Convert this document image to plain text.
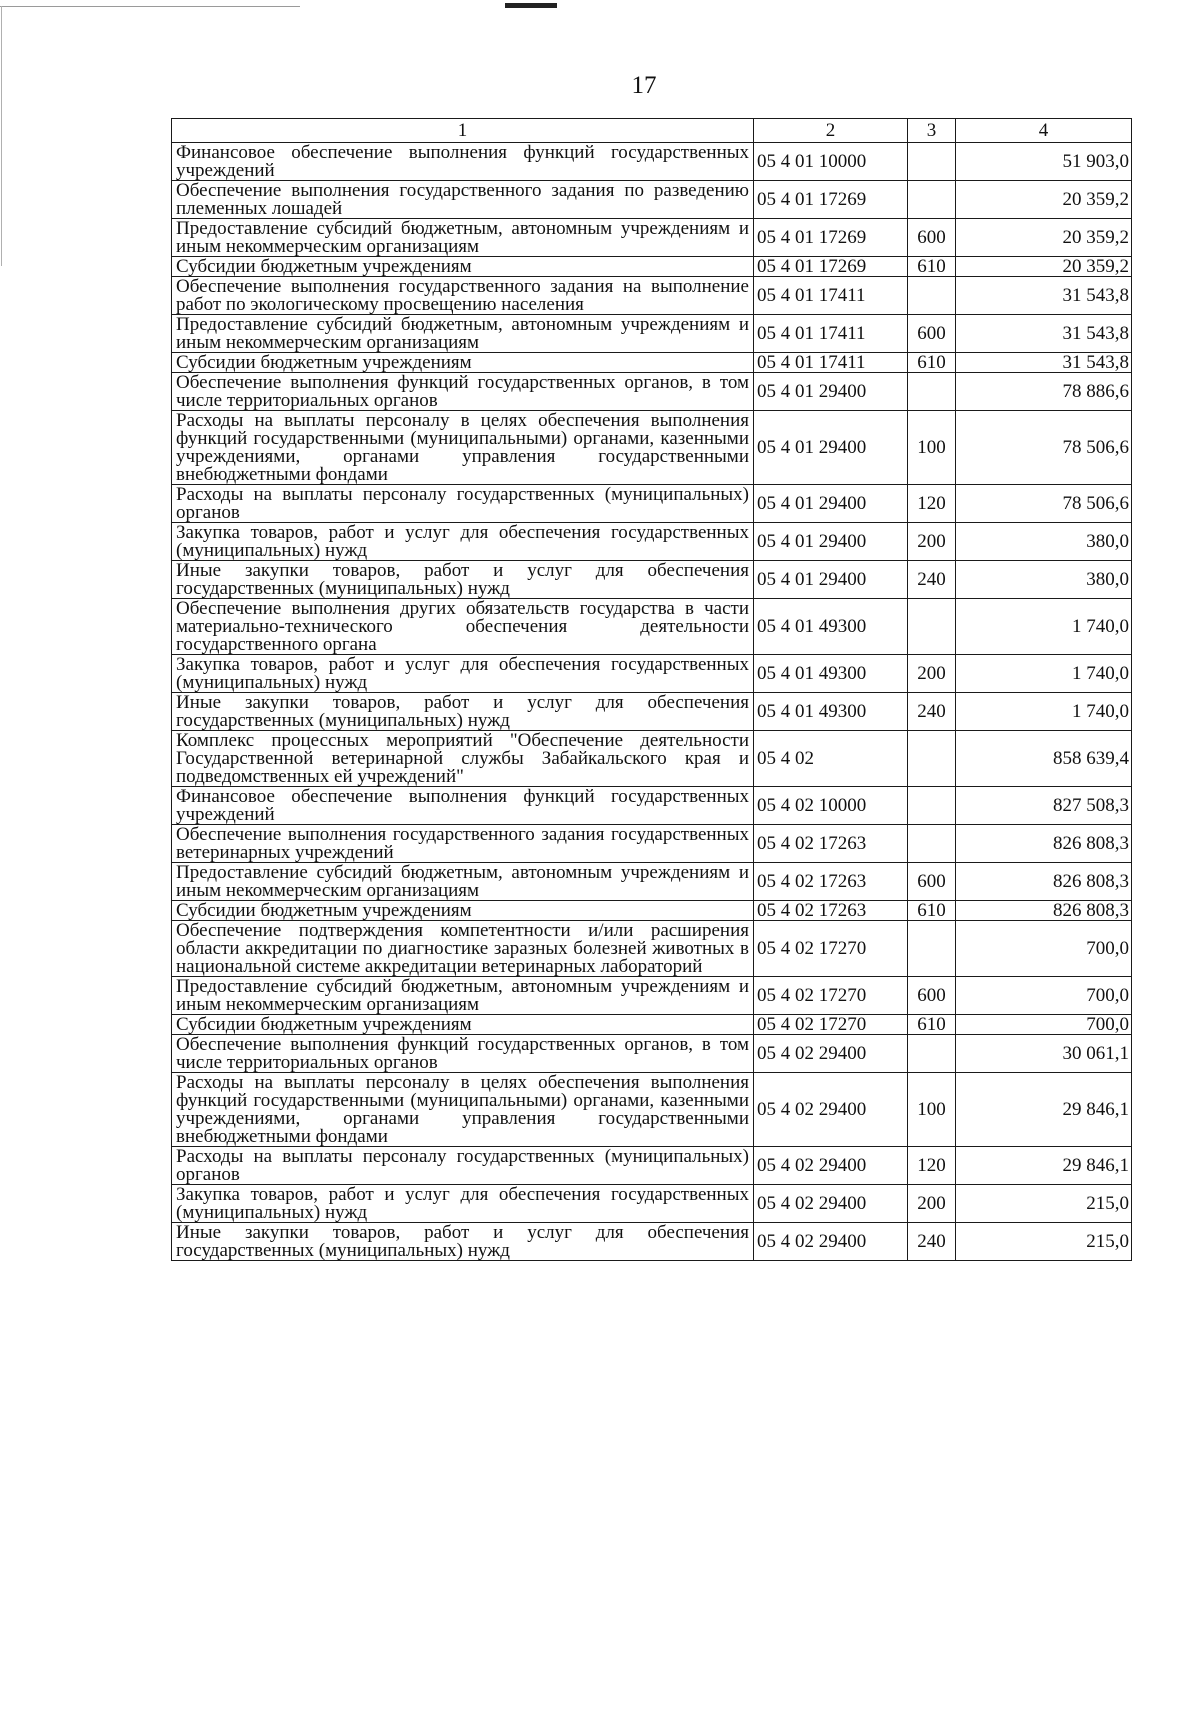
17
1	2	3	4
Финансовое обеспечение выполнения функций государственных учреждений	05 4 01 10000		51 903,0
Обеспечение выполнения государственного задания по разведению племенных лошадей	05 4 01 17269		20 359,2
Предоставление субсидий бюджетным, автономным учреждениям и иным некоммерческим организациям	05 4 01 17269	600	20 359,2
Субсидии бюджетным учреждениям	05 4 01 17269	610	20 359,2
Обеспечение выполнения государственного задания на выполнение работ по экологическому просвещению населения	05 4 01 17411		31 543,8
Предоставление субсидий бюджетным, автономным учреждениям и иным некоммерческим организациям	05 4 01 17411	600	31 543,8
Субсидии бюджетным учреждениям	05 4 01 17411	610	31 543,8
Обеспечение выполнения функций государственных органов, в том числе территориальных органов	05 4 01 29400		78 886,6
Расходы на выплаты персоналу в целях обеспечения выполнения функций государственными (муниципальными) органами, казенными учреждениями, органами управления государственными внебюджетными фондами	05 4 01 29400	100	78 506,6
Расходы на выплаты персоналу государственных (муниципальных) органов	05 4 01 29400	120	78 506,6
Закупка товаров, работ и услуг для обеспечения государственных (муниципальных) нужд	05 4 01 29400	200	380,0
Иные закупки товаров, работ и услуг для обеспечения государственных (муниципальных) нужд	05 4 01 29400	240	380,0
Обеспечение выполнения других обязательств государства в части материально-технического обеспечения деятельности государственного органа	05 4 01 49300		1 740,0
Закупка товаров, работ и услуг для обеспечения государственных (муниципальных) нужд	05 4 01 49300	200	1 740,0
Иные закупки товаров, работ и услуг для обеспечения государственных (муниципальных) нужд	05 4 01 49300	240	1 740,0
Комплекс процессных мероприятий "Обеспечение деятельности Государственной ветеринарной службы Забайкальского края и подведомственных ей учреждений"	05 4 02		858 639,4
Финансовое обеспечение выполнения функций государственных учреждений	05 4 02 10000		827 508,3
Обеспечение выполнения государственного задания государственных ветеринарных учреждений	05 4 02 17263		826 808,3
Предоставление субсидий бюджетным, автономным учреждениям и иным некоммерческим организациям	05 4 02 17263	600	826 808,3
Субсидии бюджетным учреждениям	05 4 02 17263	610	826 808,3
Обеспечение подтверждения компетентности и/или расширения области аккредитации по диагностике заразных болезней животных в национальной системе аккредитации ветеринарных лабораторий	05 4 02 17270		700,0
Предоставление субсидий бюджетным, автономным учреждениям и иным некоммерческим организациям	05 4 02 17270	600	700,0
Субсидии бюджетным учреждениям	05 4 02 17270	610	700,0
Обеспечение выполнения функций государственных органов, в том числе территориальных органов	05 4 02 29400		30 061,1
Расходы на выплаты персоналу в целях обеспечения выполнения функций государственными (муниципальными) органами, казенными учреждениями, органами управления государственными внебюджетными фондами	05 4 02 29400	100	29 846,1
Расходы на выплаты персоналу государственных (муниципальных) органов	05 4 02 29400	120	29 846,1
Закупка товаров, работ и услуг для обеспечения государственных (муниципальных) нужд	05 4 02 29400	200	215,0
Иные закупки товаров, работ и услуг для обеспечения государственных (муниципальных) нужд	05 4 02 29400	240	215,0
